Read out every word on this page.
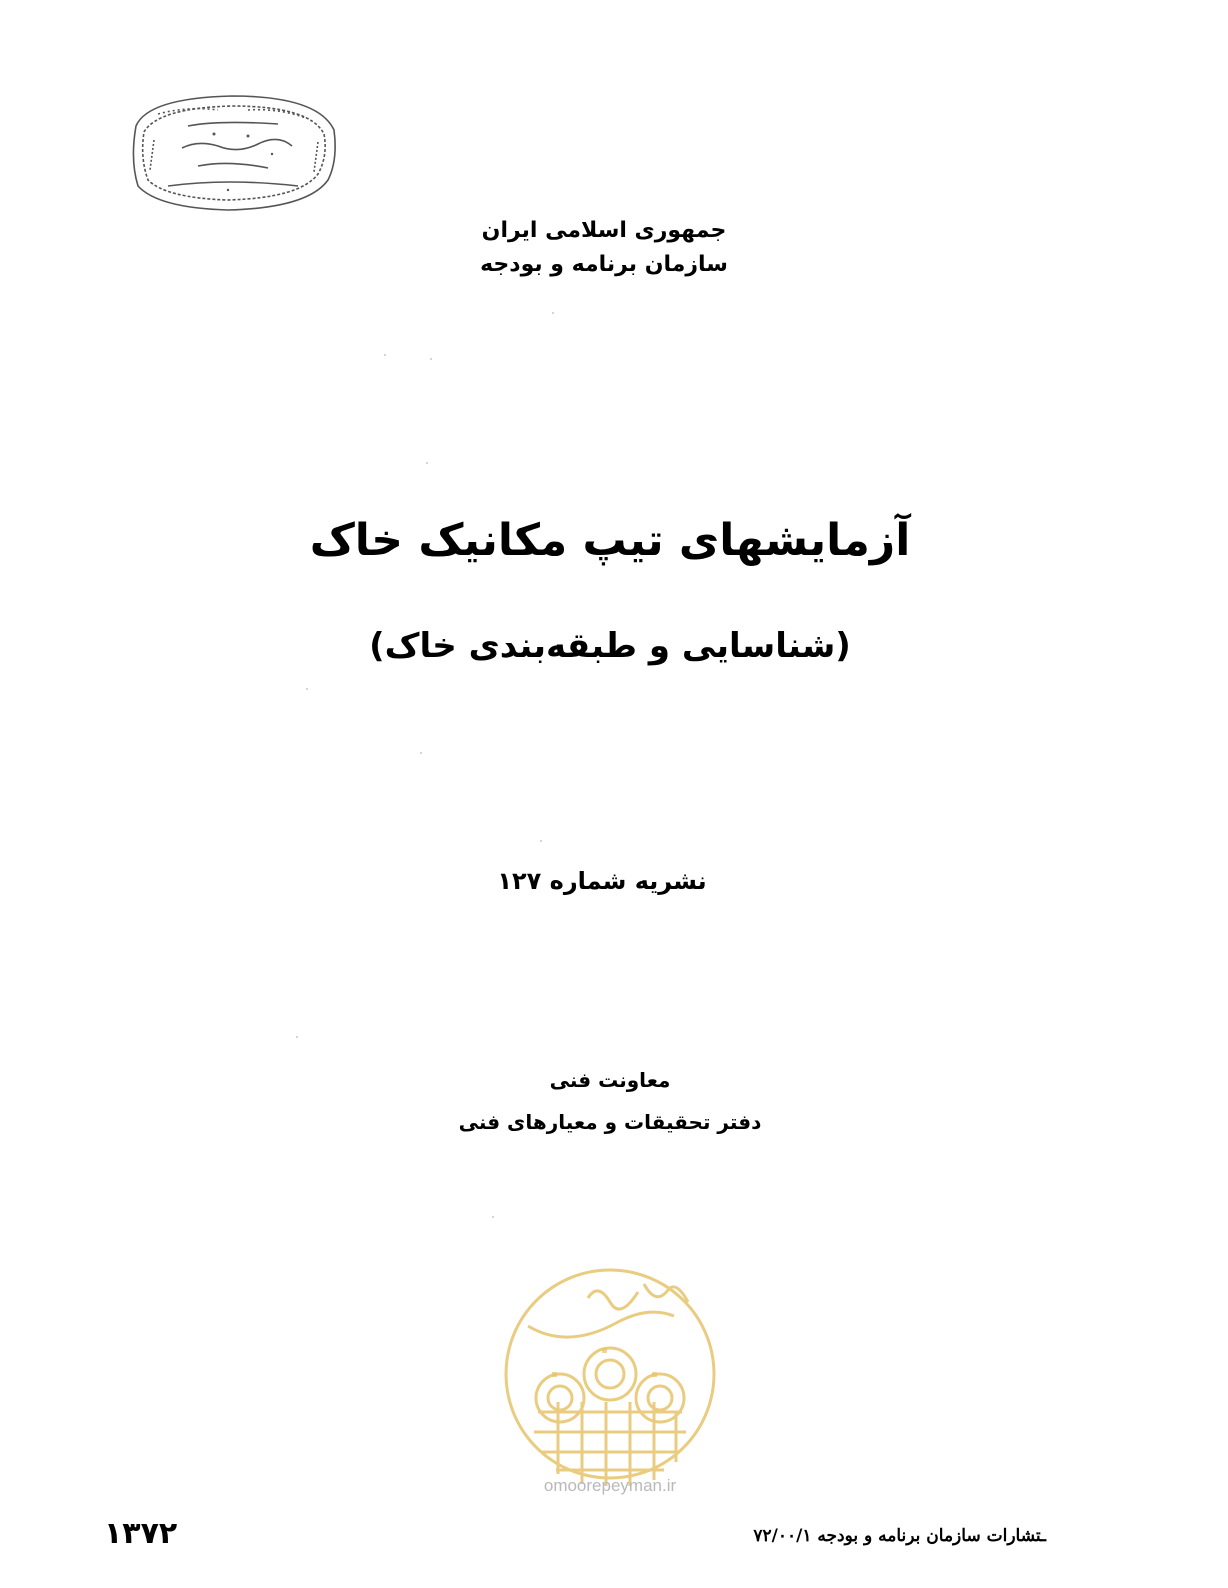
جمهوری اسلامی ایران
سازمان برنامه و بودجه
آزمایشهای تیپ مکانیک خاک
(شناسایی و طبقه‌بندی خاک)
نشریه شماره ۱۲۷
معاونت فنی
دفتر تحقیقات و معیارهای فنی
omoorepeyman.ir
۱۳۷۲	ـتشارات سازمان برنامه و بودجه ۷۲/۰۰/۱
